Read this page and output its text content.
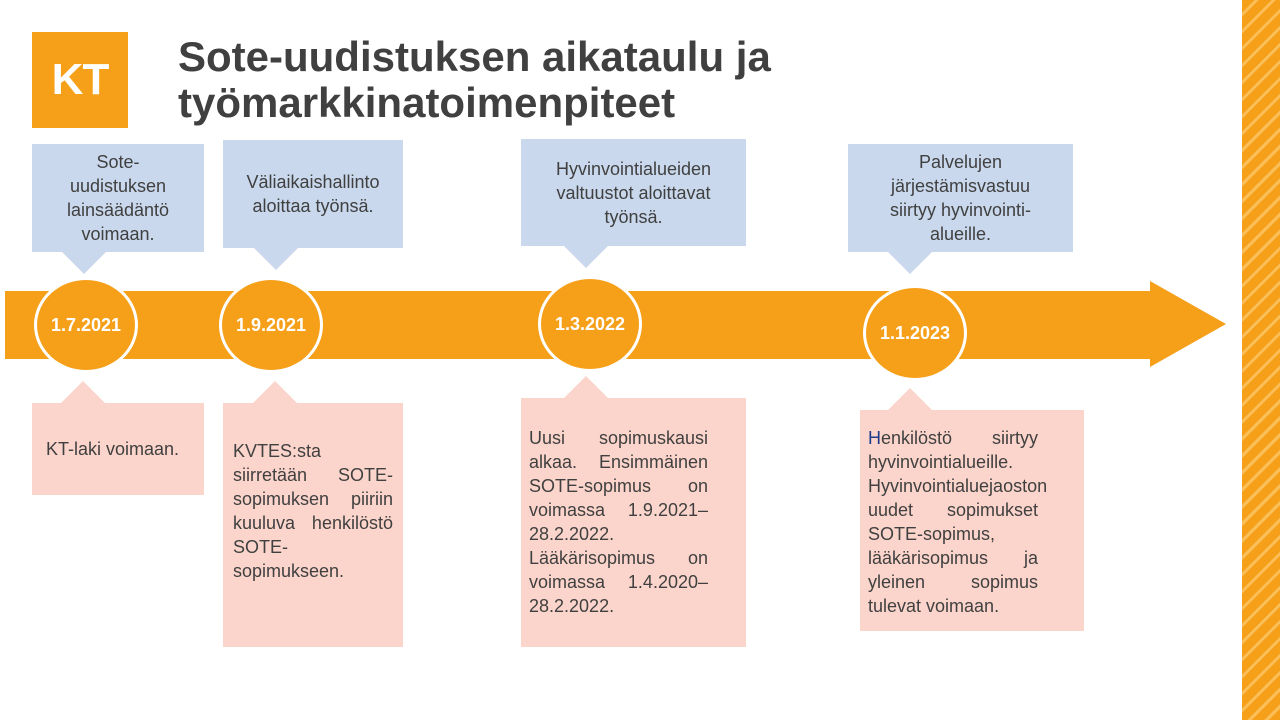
KT	Sote-uudistuksen aikataulu ja
työmarkkinatoimenpiteet
Sote-uudistuksen lainsäädäntö voimaan.
Väliaikaishallinto aloittaa työnsä.
Hyvinvointialueiden valtuustot aloittavat työnsä.
Palvelujen järjestämisvastuu siirtyy hyvinvointi-alueille.
1.7.2021	1.9.2021	1.3.2022	1.1.2023
KT-laki voimaan.	KVTES:sta siirretään SOTE-sopimuksen piiriin kuuluva henkilöstö SOTE-sopimukseen.
Uusi sopimuskausi alkaa. Ensimmäinen SOTE-sopimus on voimassa 1.9.2021–28.2.2022. Lääkärisopimus on voimassa 1.4.2020–28.2.2022.
Henkilöstö siirtyy hyvinvointialueille. Hyvinvointialuejaoston uudet sopimukset SOTE-sopimus, lääkärisopimus ja yleinen sopimus tulevat voimaan.
